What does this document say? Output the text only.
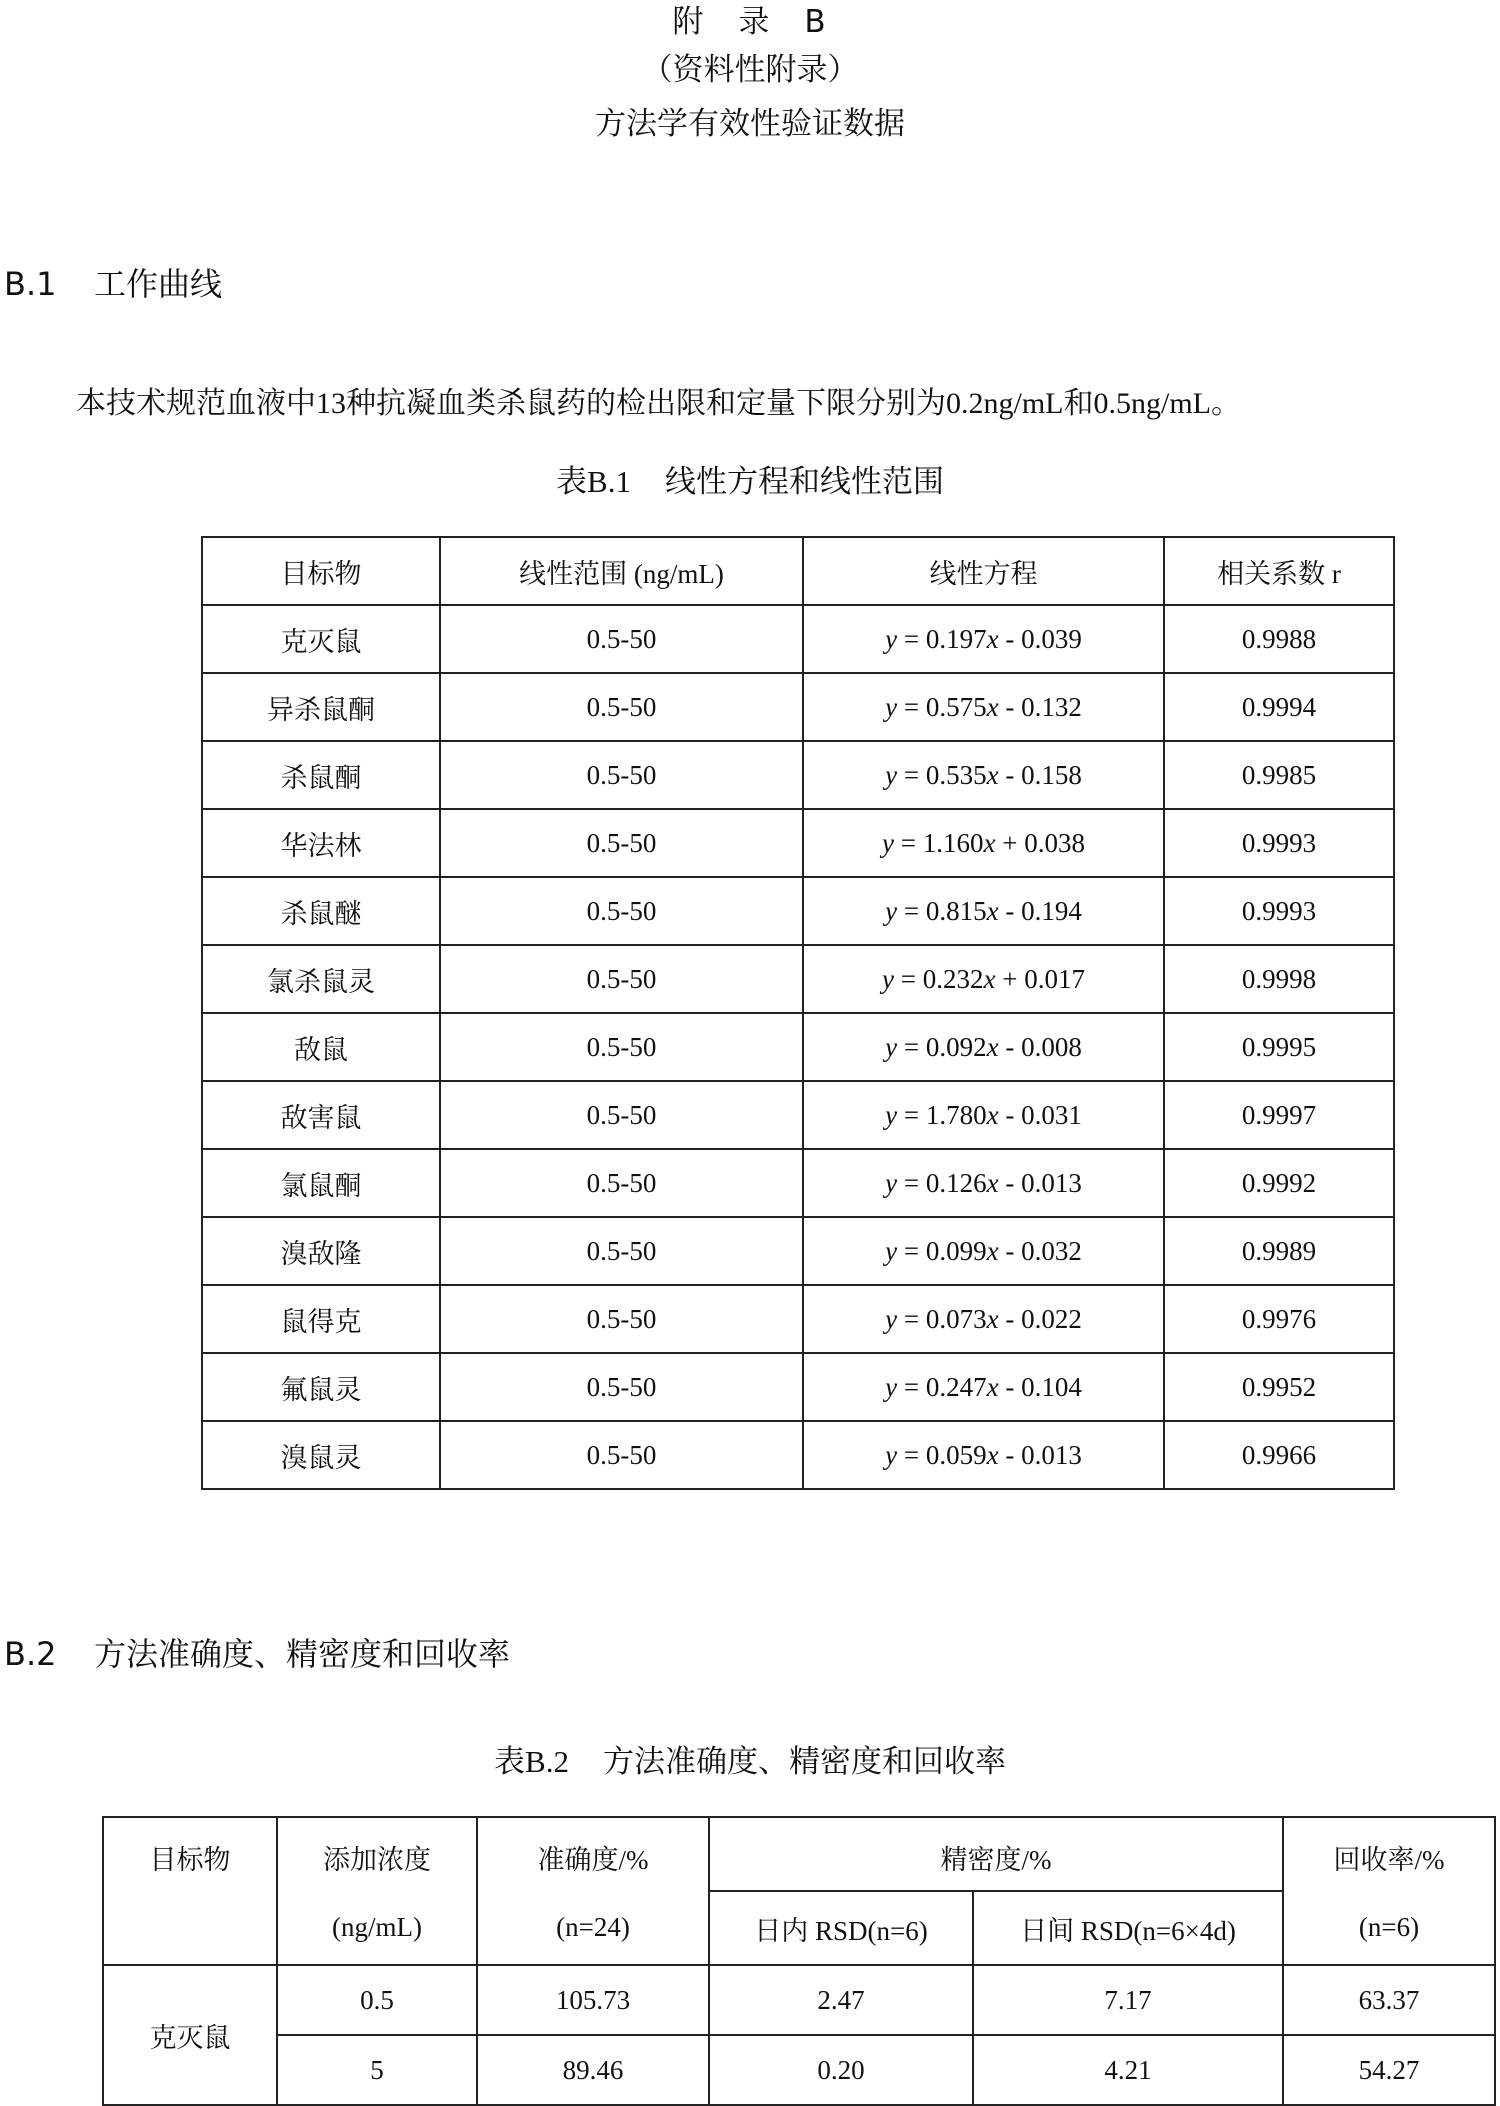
附　录　B
（资料性附录）
方法学有效性验证数据
B.1 工作曲线
本技术规范血液中13种抗凝血类杀鼠药的检出限和定量下限分别为0.2ng/mL和0.5ng/mL。
表B.1 线性方程和线性范围
目标物	线性范围 (ng/mL)	线性方程	相关系数 r
克灭鼠	0.5-50	y = 0.197x - 0.039	0.9988
异杀鼠酮	0.5-50	y = 0.575x - 0.132	0.9994
杀鼠酮	0.5-50	y = 0.535x - 0.158	0.9985
华法林	0.5-50	y = 1.160x + 0.038	0.9993
杀鼠醚	0.5-50	y = 0.815x - 0.194	0.9993
氯杀鼠灵	0.5-50	y = 0.232x + 0.017	0.9998
敌鼠	0.5-50	y = 0.092x - 0.008	0.9995
敌害鼠	0.5-50	y = 1.780x - 0.031	0.9997
氯鼠酮	0.5-50	y = 0.126x - 0.013	0.9992
溴敌隆	0.5-50	y = 0.099x - 0.032	0.9989
鼠得克	0.5-50	y = 0.073x - 0.022	0.9976
氟鼠灵	0.5-50	y = 0.247x - 0.104	0.9952
溴鼠灵	0.5-50	y = 0.059x - 0.013	0.9966
B.2 方法准确度、精密度和回收率
表B.2 方法准确度、精密度和回收率
目标物	添加浓度	准确度/%	精密度/%		回收率/%
	(ng/mL)	(n=24)	日内 RSD(n=6)	日间 RSD(n=6×4d)	(n=6)
克灭鼠	0.5	105.73	2.47	7.17	63.37
	5	89.46	0.20	4.21	54.27
